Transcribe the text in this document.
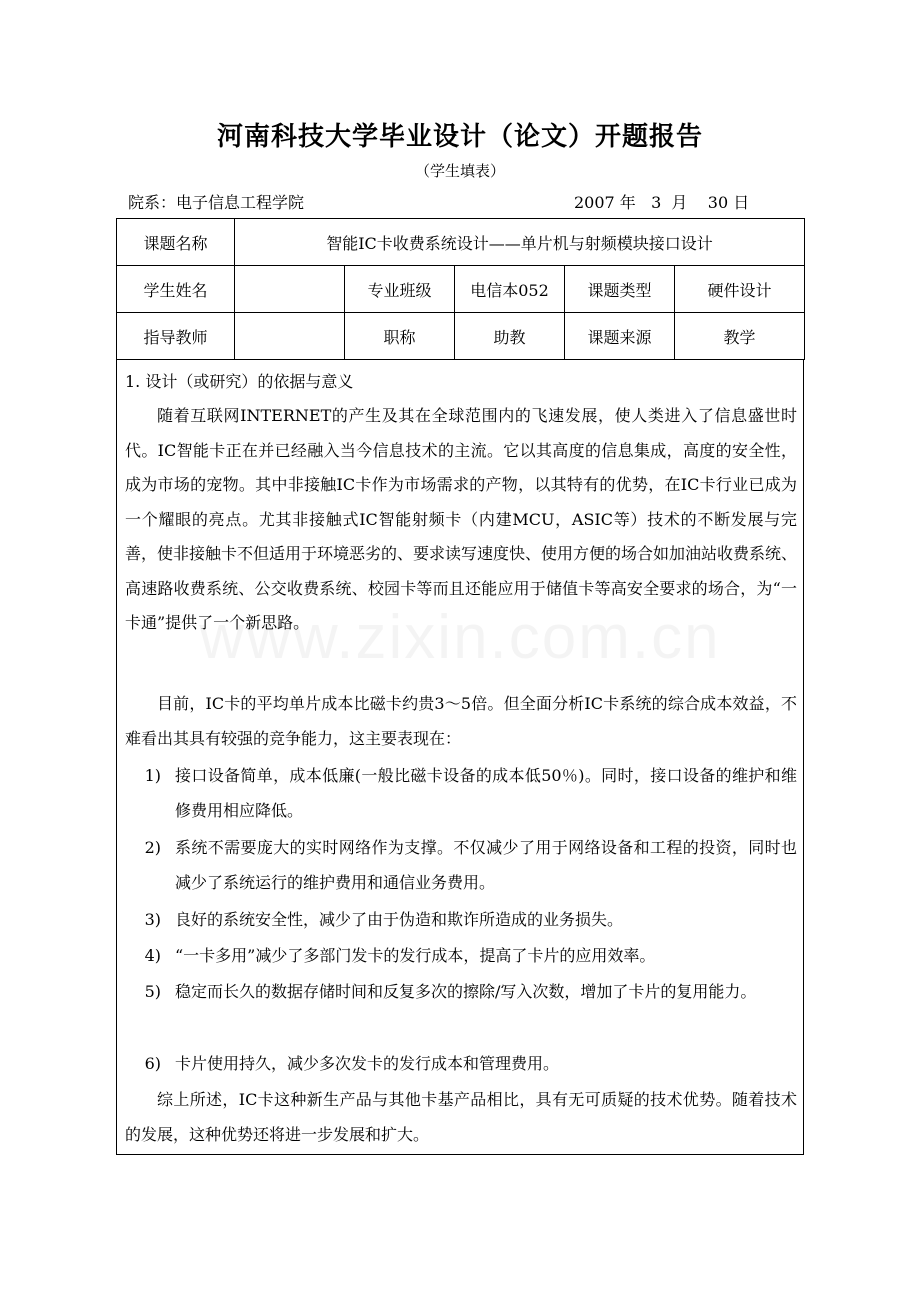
河南科技大学毕业设计（论文）开题报告
（学生填表）
院系：电子信息工程学院	2007 年   3  月    30 日
课题名称	智能IC卡收费系统设计——单片机与射频模块接口设计				
学生姓名		专业班级	电信本052	课题类型	硬件设计
指导教师		职称	助教	课题来源	教学
1. 设计（或研究）的依据与意义

随着互联网INTERNET的产生及其在全球范围内的飞速发展，使人类进入了信息盛世时代。IC智能卡正在并已经融入当今信息技术的主流。它以其高度的信息集成，高度的安全性，成为市场的宠物。其中非接触IC卡作为市场需求的产物，以其特有的优势，在IC卡行业已成为一个耀眼的亮点。尤其非接触式IC智能射频卡（内建MCU，ASIC等）技术的不断发展与完善，使非接触卡不但适用于环境恶劣的、要求读写速度快、使用方便的场合如加油站收费系统、高速路收费系统、公交收费系统、校园卡等而且还能应用于储值卡等高安全要求的场合，为“一卡通”提供了一个新思路。

目前，IC卡的平均单片成本比磁卡约贵3～5倍。但全面分析IC卡系统的综合成本效益，不难看出其具有较强的竞争能力，这主要表现在：

1) 接口设备简单，成本低廉(一般比磁卡设备的成本低50％)。同时，接口设备的维护和维修费用相应降低。
2) 系统不需要庞大的实时网络作为支撑。不仅减少了用于网络设备和工程的投资，同时也减少了系统运行的维护费用和通信业务费用。
3) 良好的系统安全性，减少了由于伪造和欺诈所造成的业务损失。
4) “一卡多用”减少了多部门发卡的发行成本，提高了卡片的应用效率。
5) 稳定而长久的数据存储时间和反复多次的擦除/写入次数，增加了卡片的复用能力。
6) 卡片使用持久，减少多次发卡的发行成本和管理费用。

综上所述，IC卡这种新生产品与其他卡基产品相比，具有无可质疑的技术优势。随着技术的发展，这种优势还将进一步发展和扩大。
